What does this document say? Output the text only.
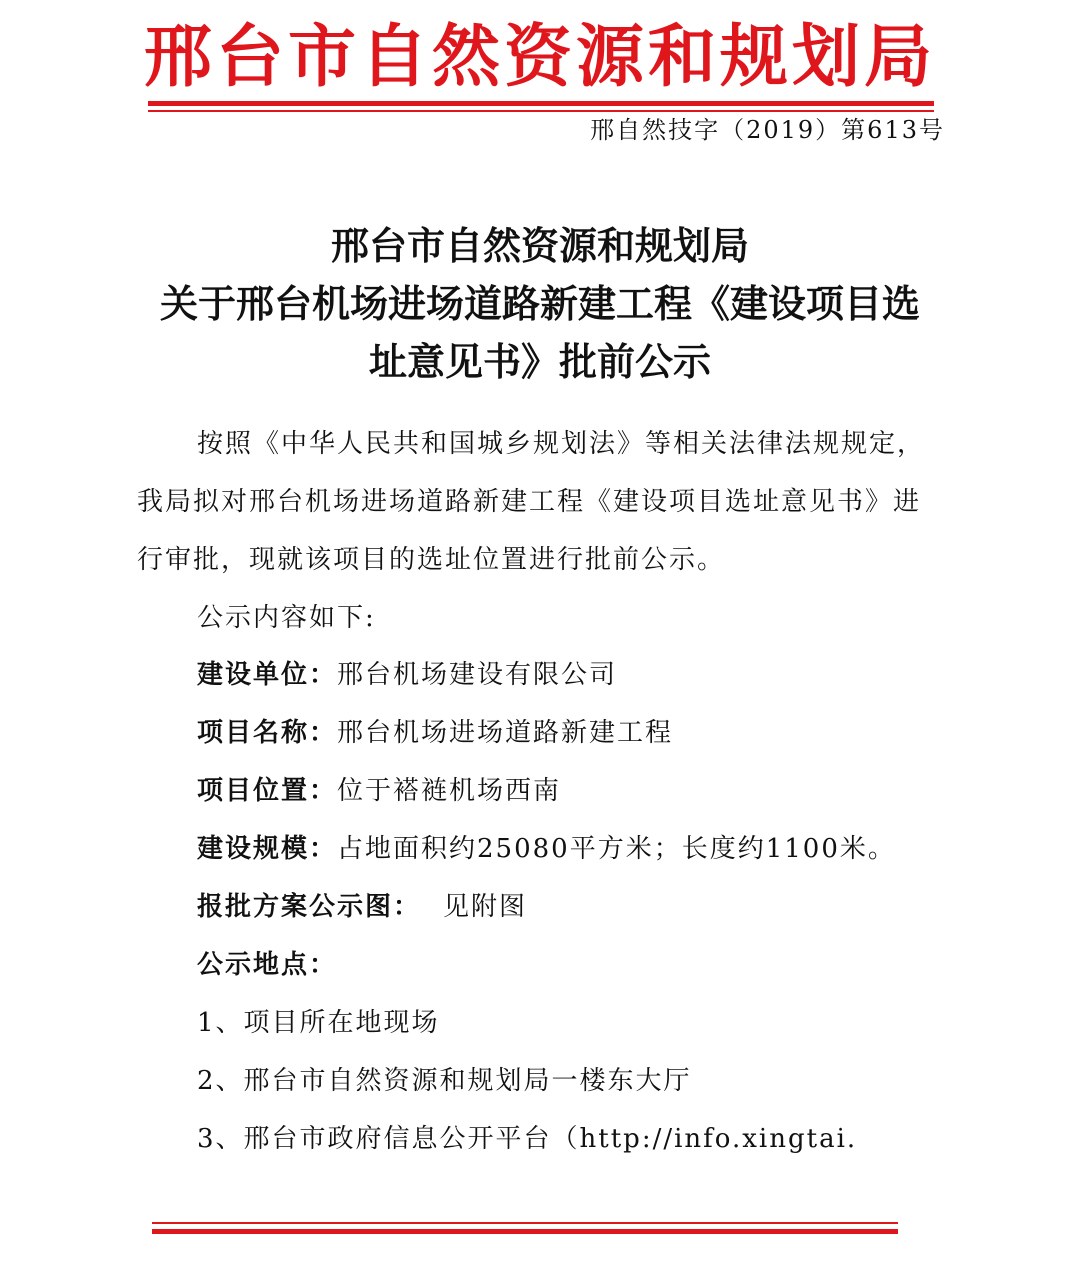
邢台市自然资源和规划局
邢自然技字（2019）第613号
邢台市自然资源和规划局
关于邢台机场进场道路新建工程《建设项目选
址意见书》批前公示
按照《中华人民共和国城乡规划法》等相关法律法规规定，
我局拟对邢台机场进场道路新建工程《建设项目选址意见书》进
行审批，现就该项目的选址位置进行批前公示。
公示内容如下:
建设单位：邢台机场建设有限公司
项目名称：邢台机场进场道路新建工程
项目位置：位于褡裢机场西南
建设规模：占地面积约25080平方米；长度约1100米。
报批方案公示图： 见附图
公示地点：
1、项目所在地现场
2、邢台市自然资源和规划局一楼东大厅
3、邢台市政府信息公开平台（http://info.xingtai.
